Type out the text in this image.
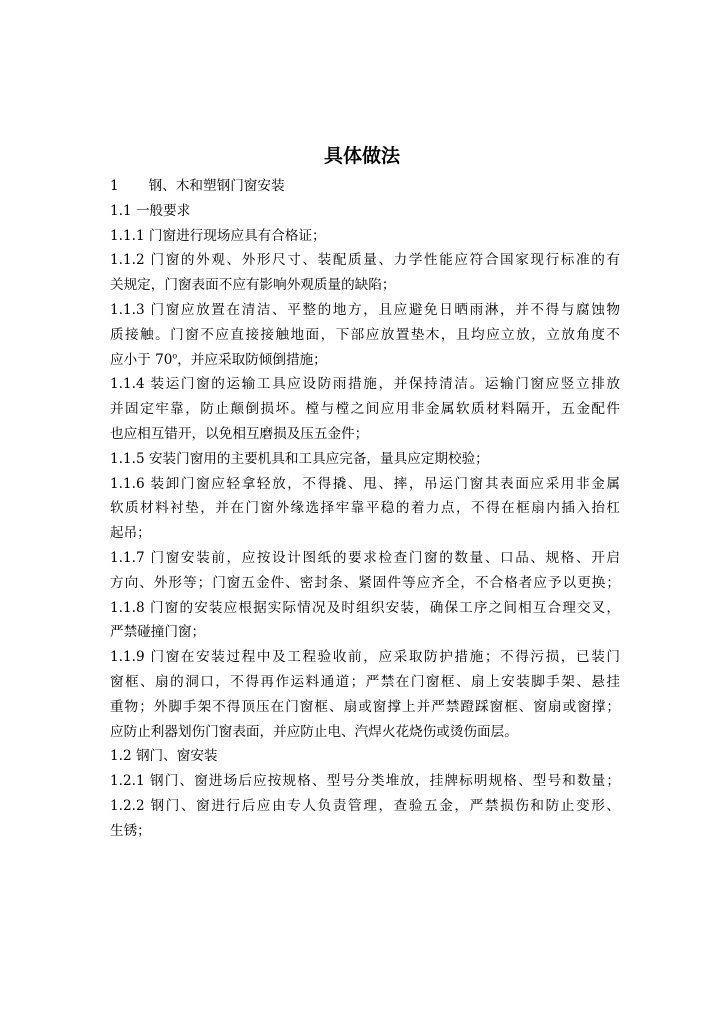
具体做法
1 钢、木和塑钢门窗安装
1.1 一般要求
1.1.1 门窗进行现场应具有合格证；
1.1.2 门窗的外观、外形尺寸、装配质量、力学性能应符合国家现行标准的有
关规定，门窗表面不应有影响外观质量的缺陷；
1.1.3 门窗应放置在清洁、平整的地方，且应避免日晒雨淋，并不得与腐蚀物
质接触。门窗不应直接接触地面，下部应放置垫木，且均应立放，立放角度不
应小于 70$^o$，并应采取防倾倒措施；
1.1.4 装运门窗的运输工具应设防雨措施，并保持清洁。运输门窗应竖立排放
并固定牢靠，防止颠倒损坏。樘与樘之间应用非金属软质材料隔开，五金配件
也应相互错开，以免相互磨损及压五金件；
1.1.5 安装门窗用的主要机具和工具应完备，量具应定期校验；
1.1.6 装卸门窗应轻拿轻放，不得撬、甩、摔，吊运门窗其表面应采用非金属
软质材料衬垫，并在门窗外缘选择牢靠平稳的着力点，不得在框扇内插入抬杠
起吊；
1.1.7 门窗安装前，应按设计图纸的要求检查门窗的数量、口品、规格、开启
方向、外形等；门窗五金件、密封条、紧固件等应齐全，不合格者应予以更换；
1.1.8 门窗的安装应根据实际情况及时组织安装，确保工序之间相互合理交叉，
严禁碰撞门窗；
1.1.9 门窗在安装过程中及工程验收前，应采取防护措施；不得污损，已装门
窗框、扇的洞口，不得再作运料通道；严禁在门窗框、扇上安装脚手架、悬挂
重物；外脚手架不得顶压在门窗框、扇或窗撑上并严禁蹬踩窗框、窗扇或窗撑；
应防止利器划伤门窗表面，并应防止电、汽焊火花烧伤或烫伤面层。
1.2 钢门、窗安装
1.2.1 钢门、窗进场后应按规格、型号分类堆放，挂牌标明规格、型号和数量；
1.2.2 钢门、窗进行后应由专人负责管理，查验五金，严禁损伤和防止变形、
生锈；
